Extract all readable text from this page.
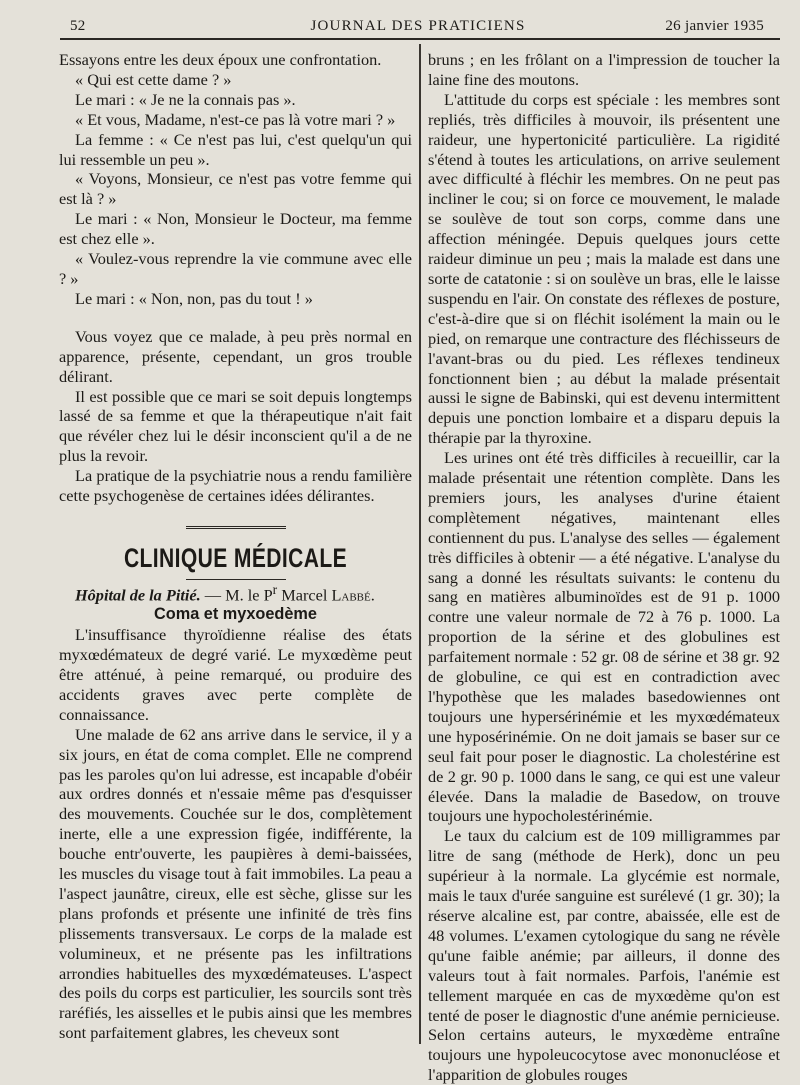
52	JOURNAL DES PRATICIENS	26 janvier 1935

Essayons entre les deux époux une confrontation.

« Qui est cette dame ? »

Le mari : « Je ne la connais pas ».

« Et vous, Madame, n'est-ce pas là votre mari ? »

La femme : « Ce n'est pas lui, c'est quelqu'un qui lui ressemble un peu ».

« Voyons, Monsieur, ce n'est pas votre femme qui est là ? »

Le mari : « Non, Monsieur le Docteur, ma femme est chez elle ».

« Voulez-vous reprendre la vie commune avec elle ? »

Le mari : « Non, non, pas du tout ! »

Vous voyez que ce malade, à peu près normal en apparence, présente, cependant, un gros trouble délirant.

Il est possible que ce mari se soit depuis longtemps lassé de sa femme et que la thérapeutique n'ait fait que révéler chez lui le désir inconscient qu'il a de ne plus la revoir.

La pratique de la psychiatrie nous a rendu familière cette psychogenèse de certaines idées délirantes.

CLINIQUE MÉDICALE

Hôpital de la Pitié. — M. le $P^r$ Marcel Labbé.

Coma et myxoedème

L'insuffisance thyroïdienne réalise des états myxœdémateux de degré varié. Le myxœdème peut être atténué, à peine remarqué, ou produire des accidents graves avec perte complète de connaissance.

Une malade de 62 ans arrive dans le service, il y a six jours, en état de coma complet. Elle ne comprend pas les paroles qu'on lui adresse, est incapable d'obéir aux ordres donnés et n'essaie même pas d'esquisser des mouvements. Couchée sur le dos, complètement inerte, elle a une expression figée, indifférente, la bouche entr'ouverte, les paupières à demi-baissées, les muscles du visage tout à fait immobiles. La peau a l'aspect jaunâtre, cireux, elle est sèche, glisse sur les plans profonds et présente une infinité de très fins plissements transversaux. Le corps de la malade est volumineux, et ne présente pas les infiltrations arrondies habituelles des myxœdémateuses. L'aspect des poils du corps est particulier, les sourcils sont très raréfiés, les aisselles et le pubis ainsi que les membres sont parfaitement glabres, les cheveux sont

bruns ; en les frôlant on a l'impression de toucher la laine fine des moutons.

L'attitude du corps est spéciale : les membres sont repliés, très difficiles à mouvoir, ils présentent une raideur, une hypertonicité particulière. La rigidité s'étend à toutes les articulations, on arrive seulement avec difficulté à fléchir les membres. On ne peut pas incliner le cou; si on force ce mouvement, le malade se soulève de tout son corps, comme dans une affection méningée. Depuis quelques jours cette raideur diminue un peu ; mais la malade est dans une sorte de catatonie : si on soulève un bras, elle le laisse suspendu en l'air. On constate des réflexes de posture, c'est-à-dire que si on fléchit isolément la main ou le pied, on remarque une contracture des fléchisseurs de l'avant-bras ou du pied. Les réflexes tendineux fonctionnent bien ; au début la malade présentait aussi le signe de Babinski, qui est devenu intermittent depuis une ponction lombaire et a disparu depuis la thérapie par la thyroxine.

Les urines ont été très difficiles à recueillir, car la malade présentait une rétention complète. Dans les premiers jours, les analyses d'urine étaient complètement négatives, maintenant elles contiennent du pus. L'analyse des selles — également très difficiles à obtenir — a été négative. L'analyse du sang a donné les résultats suivants: le contenu du sang en matières albuminoïdes est de 91 p. 1000 contre une valeur normale de 72 à 76 p. 1000. La proportion de la sérine et des globulines est parfaitement normale : 52 gr. 08 de sérine et 38 gr. 92 de globuline, ce qui est en contradiction avec l'hypothèse que les malades basedowiennes ont toujours une hypersérinémie et les myxœdémateux une hyposérinémie. On ne doit jamais se baser sur ce seul fait pour poser le diagnostic. La cholestérine est de 2 gr. 90 p. 1000 dans le sang, ce qui est une valeur élevée. Dans la maladie de Basedow, on trouve toujours une hypocholestérinémie.

Le taux du calcium est de 109 milligrammes par litre de sang (méthode de Herk), donc un peu supérieur à la normale. La glycémie est normale, mais le taux d'urée sanguine est surélevé (1 gr. 30); la réserve alcaline est, par contre, abaissée, elle est de 48 volumes. L'examen cytologique du sang ne révèle qu'une faible anémie; par ailleurs, il donne des valeurs tout à fait normales. Parfois, l'anémie est tellement marquée en cas de myxœdème qu'on est tenté de poser le diagnostic d'une anémie pernicieuse. Selon certains auteurs, le myxœdème entraîne toujours une hypoleucocytose avec mononucléose et l'apparition de globules rouges
